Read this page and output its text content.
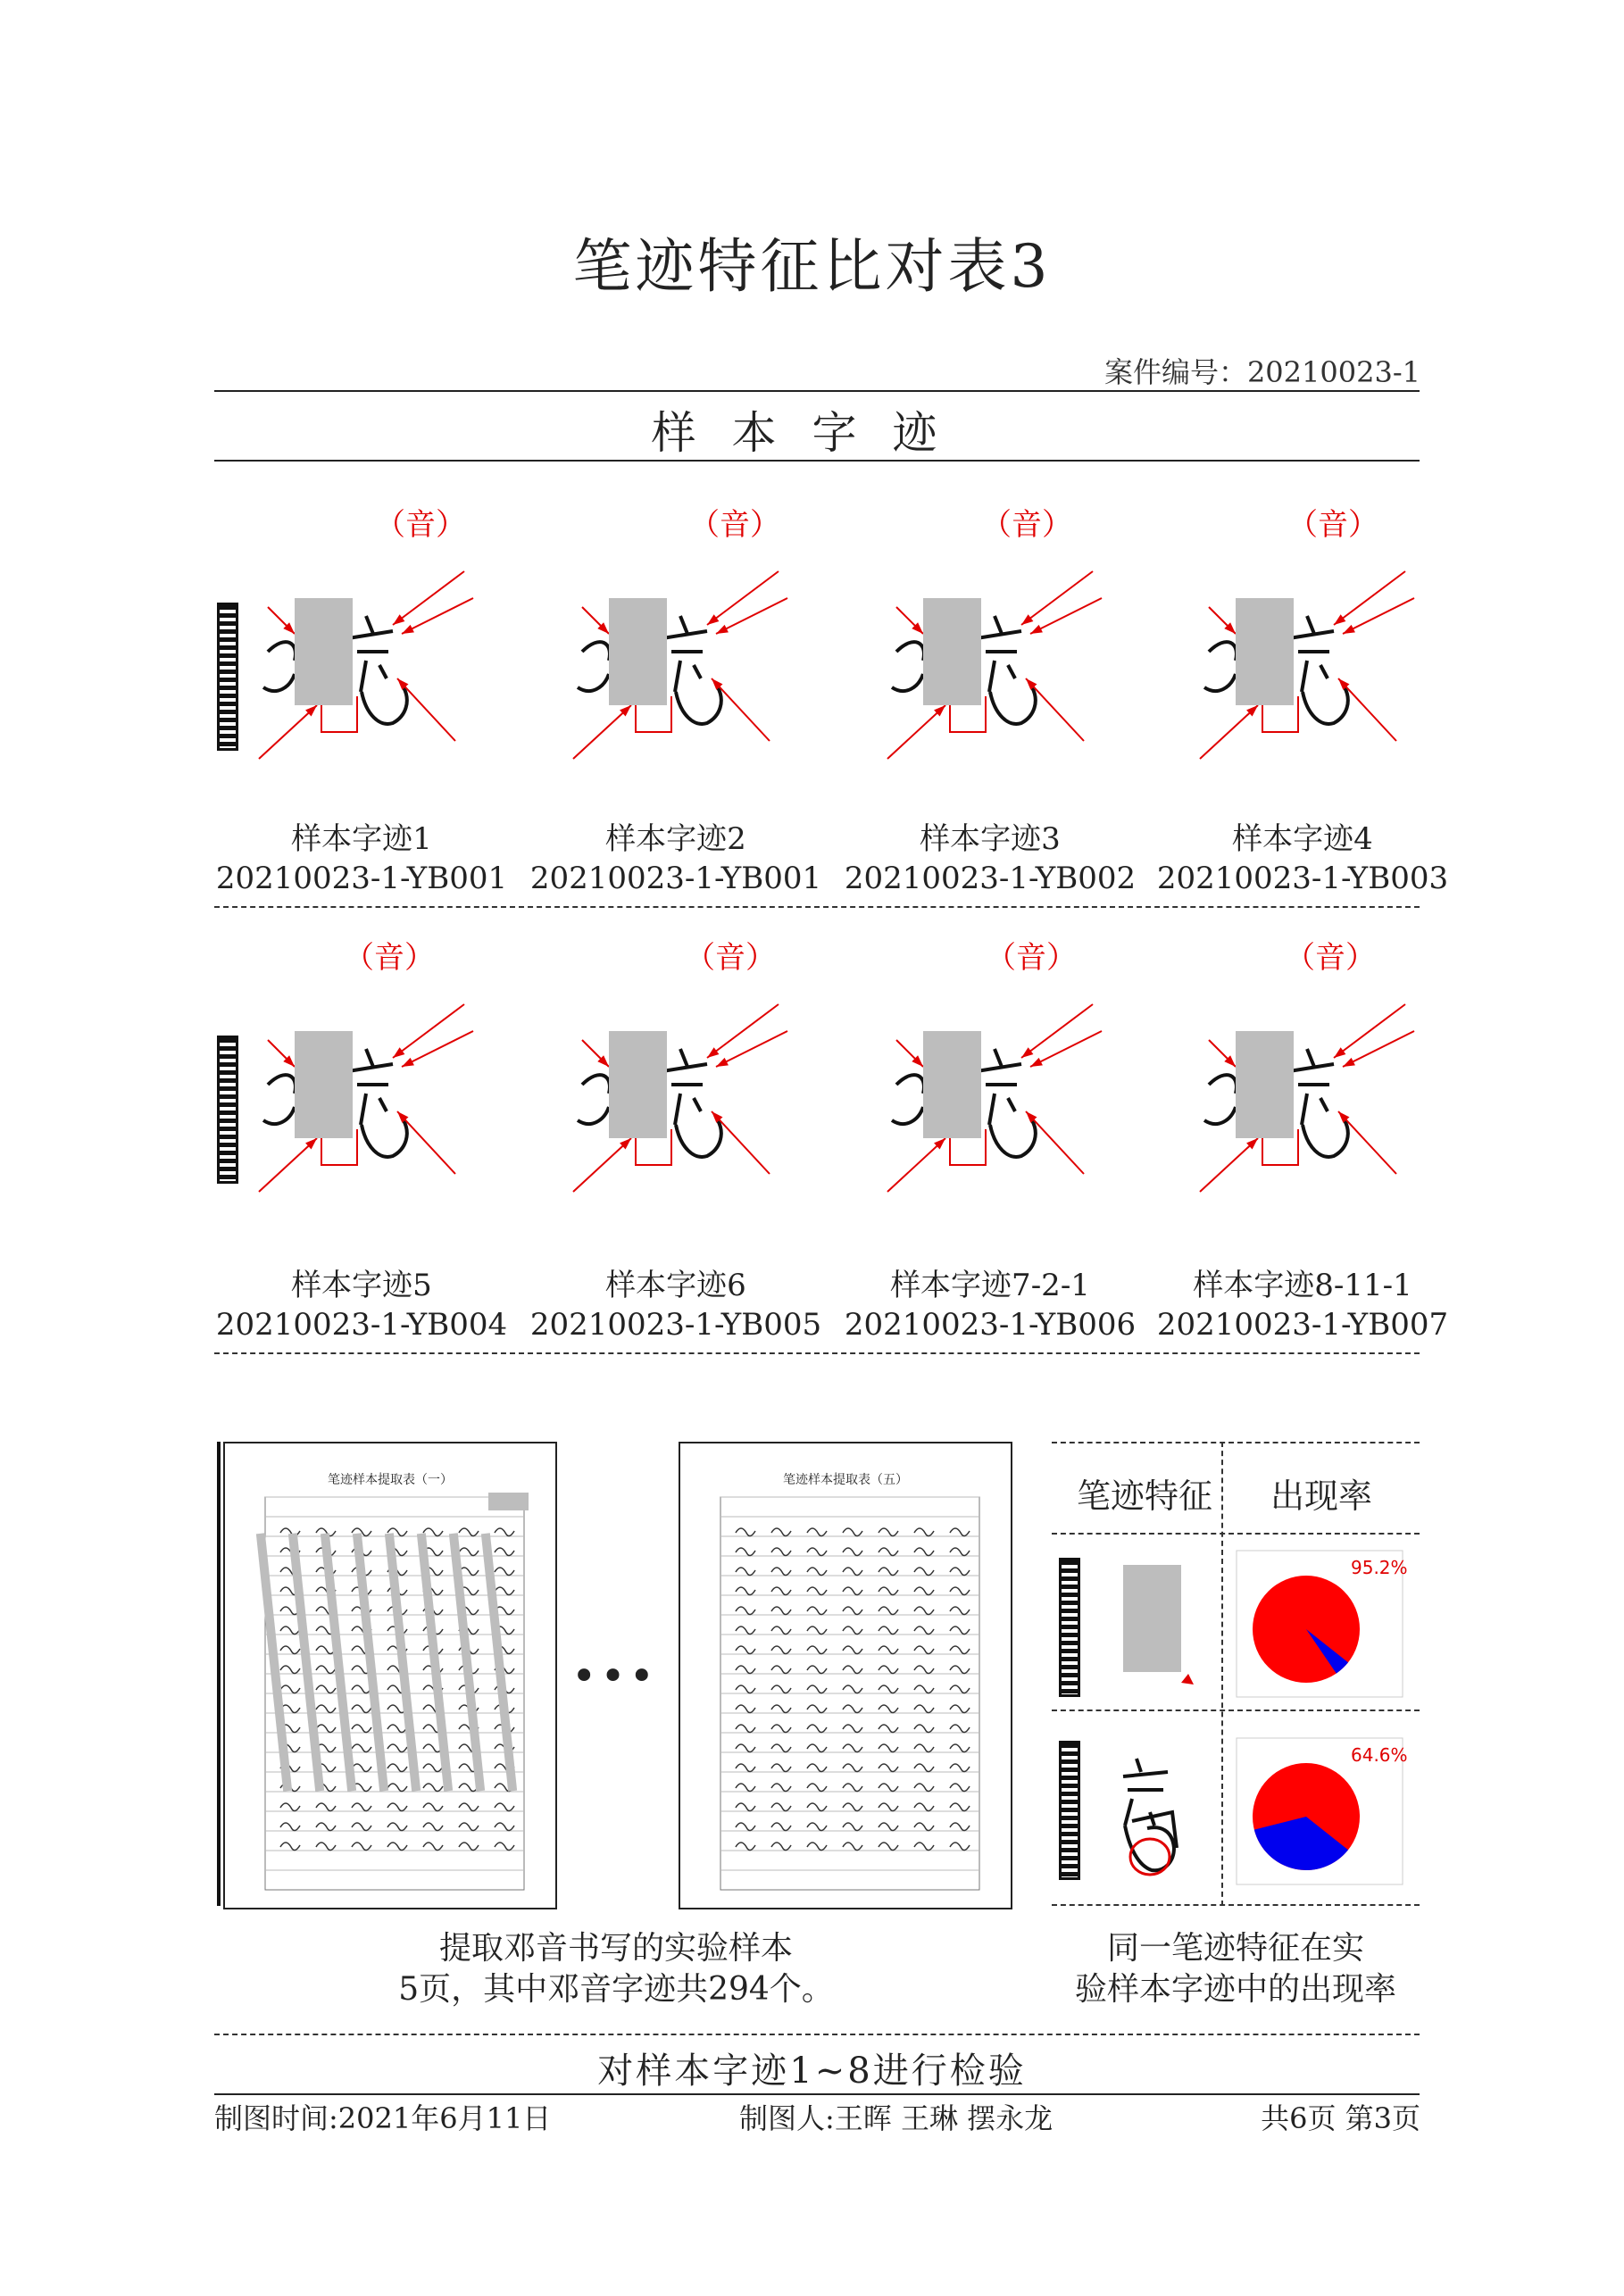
笔迹特征比对表3
案件编号：20210023-1
样本字迹
笔迹样本提取表（一）
•••
笔迹样本提取表（五）
提取邓音书写的实验样本
5页，其中邓音字迹共294个。
笔迹特征 出现率
95.2%
64.6%
同一笔迹特征在实
验样本字迹中的出现率
对样本字迹1~8进行检验
制图时间:2021年6月11日	制图人:王晖 王琳 摆永龙	共6页 第3页
（音）
样本字迹1
20210023-1-YB001
（音）
样本字迹2
20210023-1-YB001
（音）
样本字迹3
20210023-1-YB002
（音）
样本字迹4
20210023-1-YB003
（音）
样本字迹5
20210023-1-YB004
（音）
样本字迹6
20210023-1-YB005
（音）
样本字迹7-2-1
20210023-1-YB006
（音）
样本字迹8-11-1
20210023-1-YB007
